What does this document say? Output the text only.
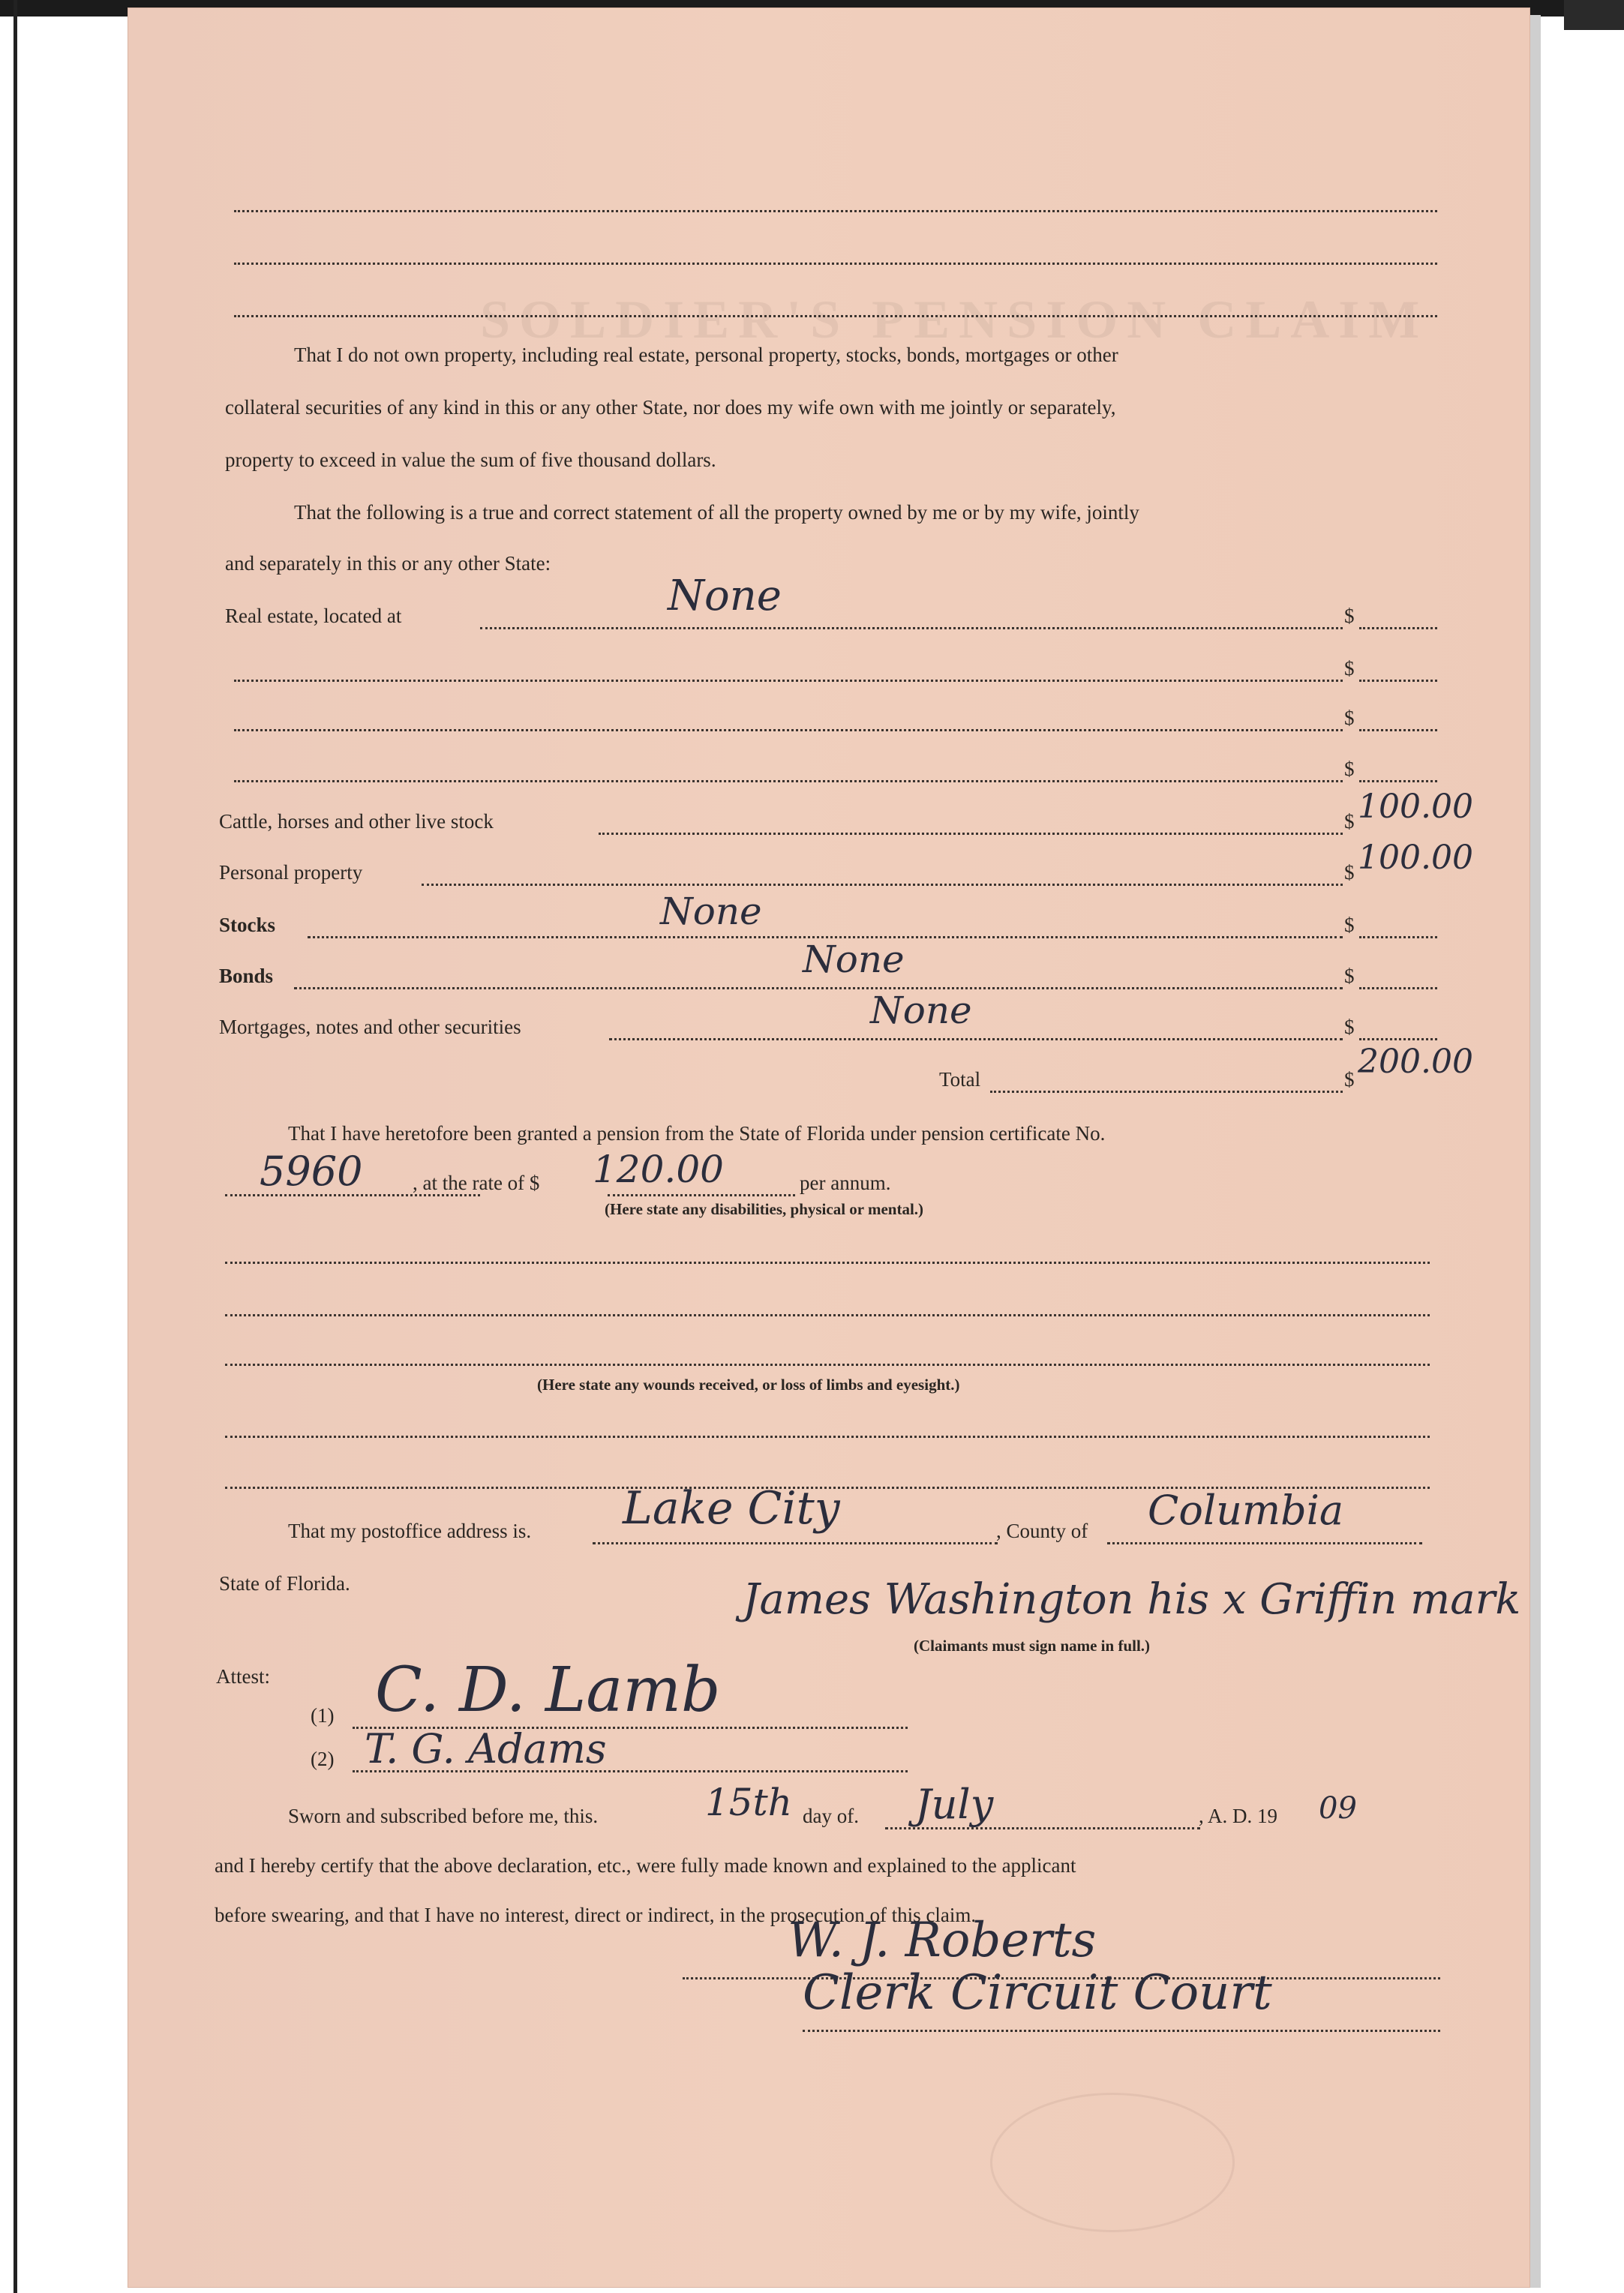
SOLDIER'S PENSION CLAIM
That I do not own property, including real estate, personal property, stocks, bonds, mortgages or other
collateral securities of any kind in this or any other State, nor does my wife own with me jointly or separately,
property to exceed in value the sum of five thousand dollars.
That the following is a true and correct statement of all the property owned by me or by my wife, jointly
and separately in this or any other State:
Real estate, located at	None	$
$
$
$
Cattle, horses and other live stock	$ 100.00
Personal property	$ 100.00
Stocks	None	$
Bonds	None	$
Mortgages, notes and other securities	None	$
Total	$ 200.00
That I have heretofore been granted a pension from the State of Florida under pension certificate No.
5960 , at the rate of $ 120.00	per annum.
(Here state any disabilities, physical or mental.)
(Here state any wounds received, or loss of limbs and eyesight.)
That my postoffice address is. Lake City	, County of Columbia
State of Florida.	James Washington his x Griffin mark
(Claimants must sign name in full.)
Attest:
(1) C. D. Lamb
(2) T. G. Adams
Sworn and subscribed before me, this.	15th day of. July	, A. D. 19 09
and I hereby certify that the above declaration, etc., were fully made known and explained to the applicant
before swearing, and that I have no interest, direct or indirect, in the prosecution of this claim.
W. J. Roberts
Clerk Circuit Court
